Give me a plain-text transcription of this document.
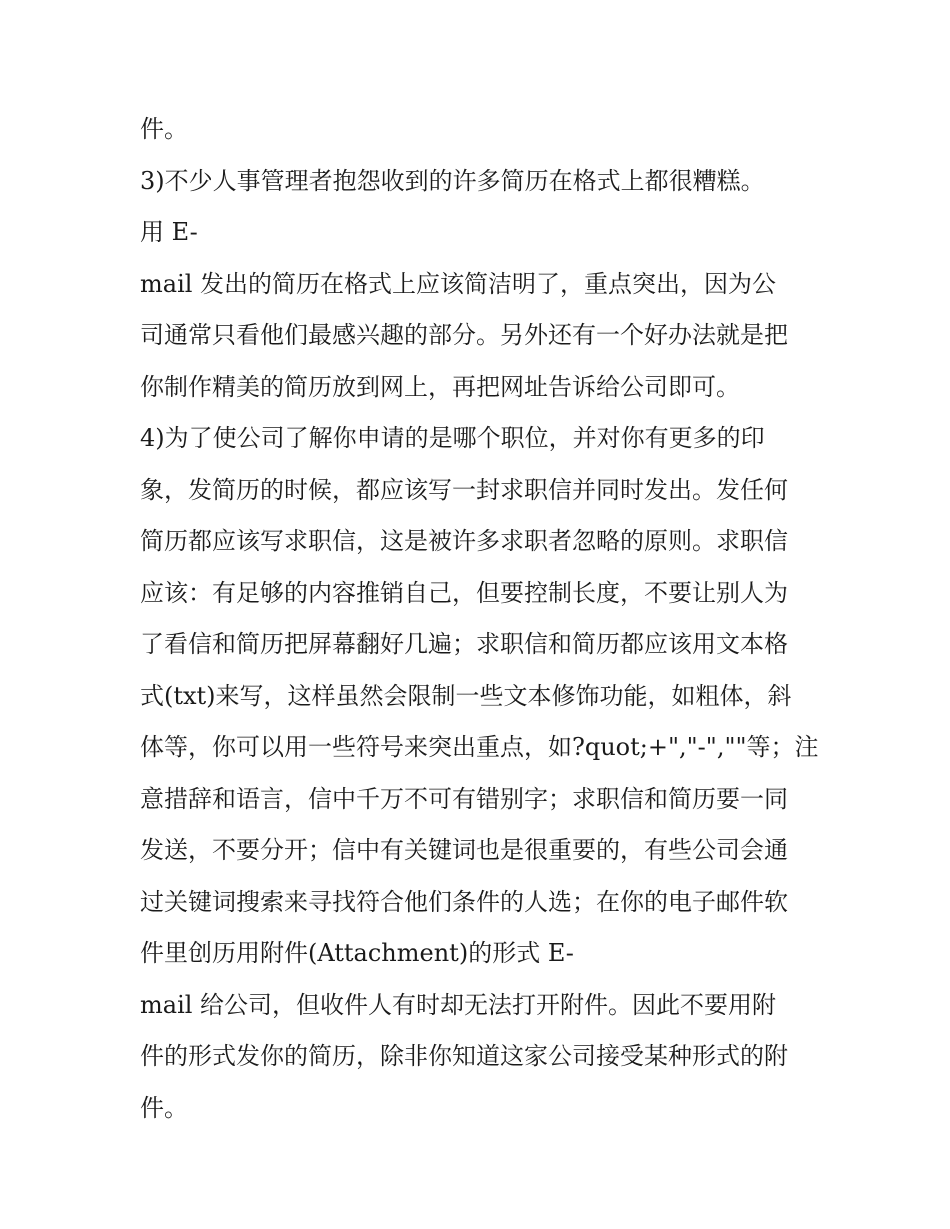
件。
3)不少人事管理者抱怨收到的许多简历在格式上都很糟糕。
用 E-
mail 发出的简历在格式上应该简洁明了，重点突出，因为公
司通常只看他们最感兴趣的部分。另外还有一个好办法就是把
你制作精美的简历放到网上，再把网址告诉给公司即可。
4)为了使公司了解你申请的是哪个职位，并对你有更多的印
象，发简历的时候，都应该写一封求职信并同时发出。发任何
简历都应该写求职信，这是被许多求职者忽略的原则。求职信
应该：有足够的内容推销自己，但要控制长度，不要让别人为
了看信和简历把屏幕翻好几遍；求职信和简历都应该用文本格
式(txt)来写，这样虽然会限制一些文本修饰功能，如粗体，斜
体等，你可以用一些符号来突出重点，如?quot;+","-",""等；注
意措辞和语言，信中千万不可有错别字；求职信和简历要一同
发送，不要分开；信中有关键词也是很重要的，有些公司会通
过关键词搜索来寻找符合他们条件的人选；在你的电子邮件软
件里创历用附件(Attachment)的形式 E-
mail 给公司，但收件人有时却无法打开附件。因此不要用附
件的形式发你的简历，除非你知道这家公司接受某种形式的附
件。
